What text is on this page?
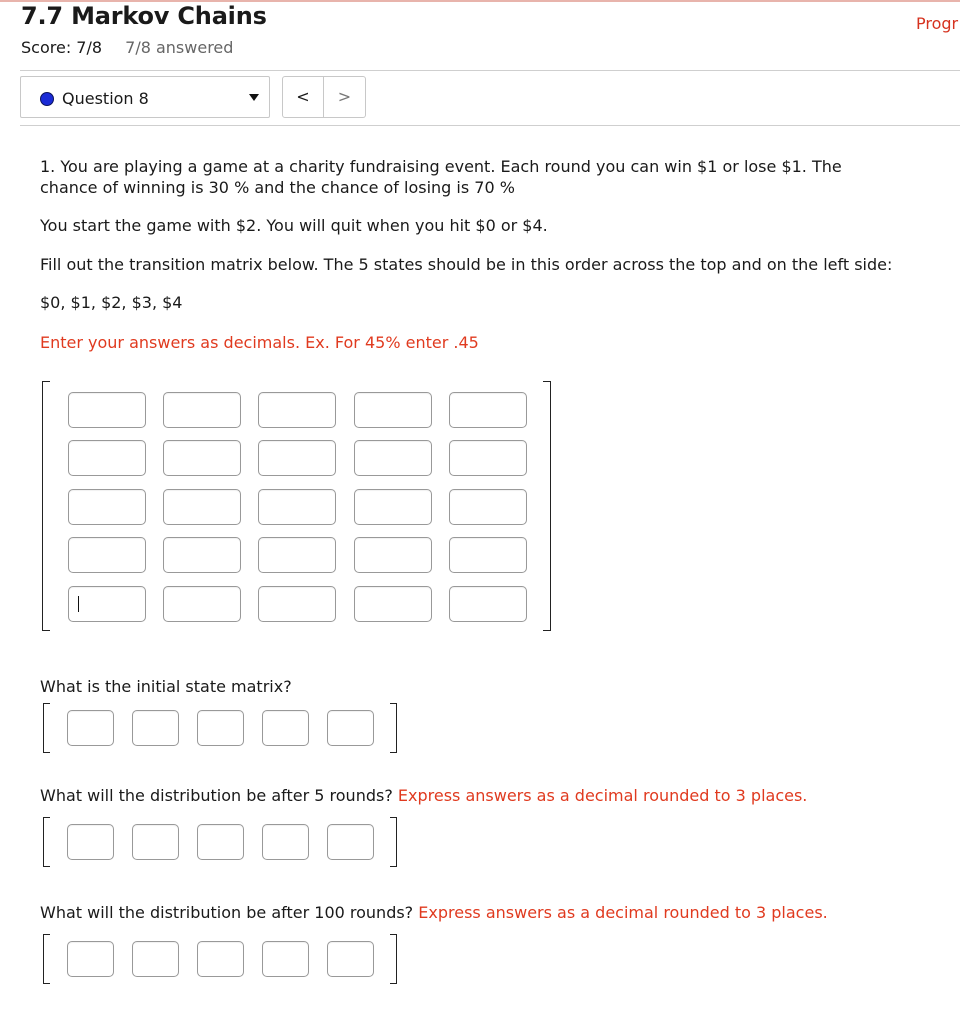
7.7 Markov Chains	Progr
Score: 7/8 7/8 answered
Question 8	<	>

1. You are playing a game at a charity fundraising event. Each round you can win $1 or lose $1. The chance of winning is 30 % and the chance of losing is 70 %

You start the game with $2. You will quit when you hit $0 or $4.

Fill out the transition matrix below. The 5 states should be in this order across the top and on the left side:

$0, $1, $2, $3, $4

Enter your answers as decimals. Ex. For 45% enter .45

What is the initial state matrix?

What will the distribution be after 5 rounds? Express answers as a decimal rounded to 3 places.

What will the distribution be after 100 rounds? Express answers as a decimal rounded to 3 places.
